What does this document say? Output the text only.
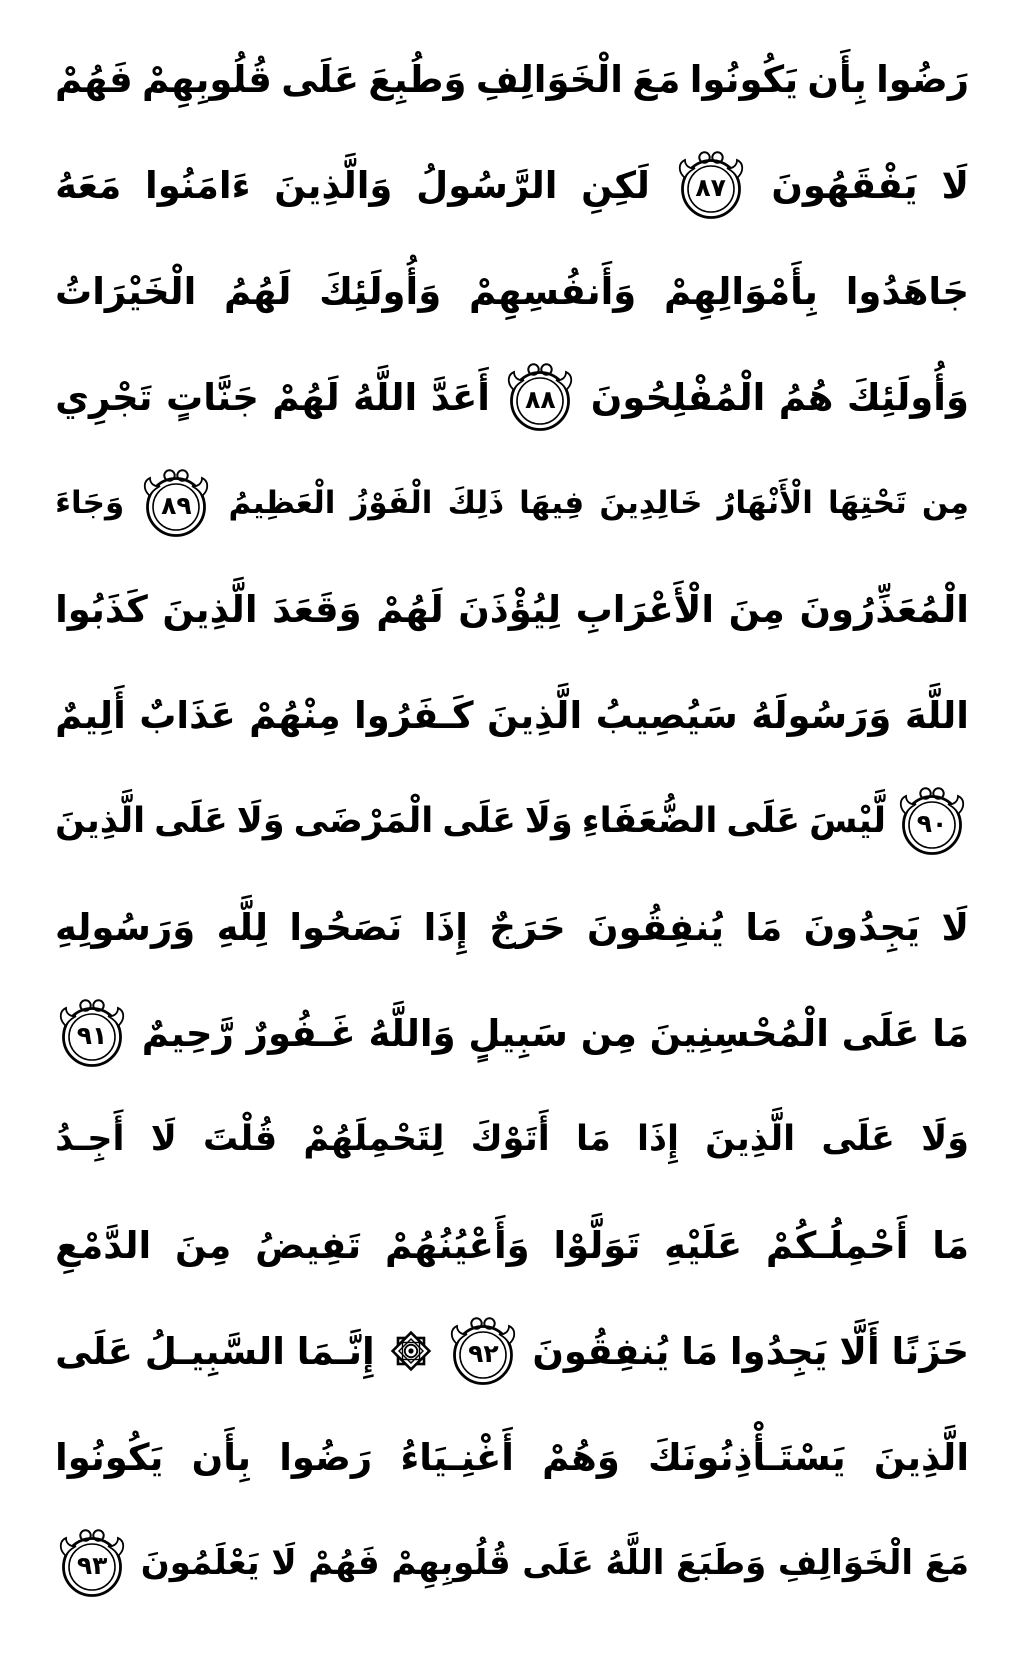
رَضُوا
بِأَن
يَكُونُوا
مَعَ
الْخَوَالِفِ
وَطُبِعَ
عَلَى
قُلُوبِهِمْ
فَهُمْ
لَا
يَفْقَهُونَ
٨٧
لَكِنِ
الرَّسُولُ
وَالَّذِينَ
ءَامَنُوا
مَعَهُ
جَاهَدُوا
بِأَمْوَالِهِمْ
وَأَنفُسِهِمْ
وَأُولَئِكَ
لَهُمُ
الْخَيْرَاتُ
وَأُولَئِكَ
هُمُ
الْمُفْلِحُونَ
٨٨
أَعَدَّ
اللَّهُ
لَهُمْ
جَنَّاتٍ
تَجْرِي
مِن
تَحْتِهَا
الْأَنْهَارُ
خَالِدِينَ
فِيهَا
ذَلِكَ
الْفَوْزُ
الْعَظِيمُ
٨٩
وَجَاءَ
الْمُعَذِّرُونَ
مِنَ
الْأَعْرَابِ
لِيُؤْذَنَ
لَهُمْ
وَقَعَدَ
الَّذِينَ
كَذَبُوا
اللَّهَ
وَرَسُولَهُ
سَيُصِيبُ
الَّذِينَ
كَـفَرُوا
مِنْهُمْ
عَذَابٌ
أَلِيمٌ
٩٠
لَّيْسَ
عَلَى
الضُّعَفَاءِ
وَلَا
عَلَى
الْمَرْضَى
وَلَا
عَلَى
الَّذِينَ
لَا
يَجِدُونَ
مَا
يُنفِقُونَ
حَرَجٌ
إِذَا
نَصَحُوا
لِلَّهِ
وَرَسُولِهِ
مَا
عَلَى
الْمُحْسِنِينَ
مِن
سَبِيلٍ
وَاللَّهُ
غَـفُورٌ
رَّحِيمٌ
٩١
وَلَا
عَلَى
الَّذِينَ
إِذَا
مَا
أَتَوْكَ
لِتَحْمِلَهُمْ
قُلْتَ
لَا
أَجِـدُ
مَا
أَحْمِلُـكُمْ
عَلَيْهِ
تَوَلَّوْا
وَأَعْيُنُهُمْ
تَفِيضُ
مِنَ
الدَّمْعِ
حَزَنًا
أَلَّا
يَجِدُوا
مَا
يُنفِقُونَ
٩٢
إِنَّـمَا
السَّبِيـلُ
عَلَى
الَّذِينَ
يَسْتَـأْذِنُونَكَ
وَهُمْ
أَغْنِـيَاءُ
رَضُوا
بِأَن
يَكُونُوا
مَعَ
الْخَوَالِفِ
وَطَبَعَ
اللَّهُ
عَلَى
قُلُوبِهِمْ
فَهُمْ
لَا
يَعْلَمُونَ
٩٣
